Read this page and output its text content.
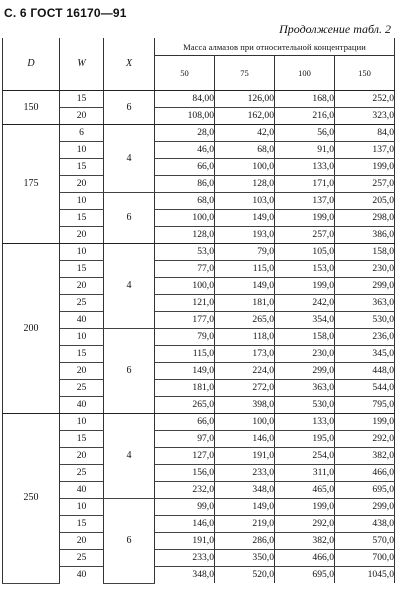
С. 6 ГОСТ 16170—91
Продолжение табл. 2
D	W	X	Масса алмазов при относительной концентрации			
			50	75	100	150
150	15	6	84,00	126,00	168,0	252,0
	20		108,00	162,00	216,0	323,0
175	6	4	28,0	42,0	56,0	84,0
	10		46,0	68,0	91,0	137,0
	15		66,0	100,0	133,0	199,0
	20		86,0	128,0	171,0	257,0
	10	6	68,0	103,0	137,0	205,0
	15		100,0	149,0	199,0	298,0
	20		128,0	193,0	257,0	386,0
200	10	4	53,0	79,0	105,0	158,0
	15		77,0	115,0	153,0	230,0
	20		100,0	149,0	199,0	299,0
	25		121,0	181,0	242,0	363,0
	40		177,0	265,0	354,0	530,0
	10	6	79,0	118,0	158,0	236,0
	15		115,0	173,0	230,0	345,0
	20		149,0	224,0	299,0	448,0
	25		181,0	272,0	363,0	544,0
	40		265,0	398,0	530,0	795,0
250	10	4	66,0	100,0	133,0	199,0
	15		97,0	146,0	195,0	292,0
	20		127,0	191,0	254,0	382,0
	25		156,0	233,0	311,0	466,0
	40		232,0	348,0	465,0	695,0
	10	6	99,0	149,0	199,0	299,0
	15		146,0	219,0	292,0	438,0
	20		191,0	286,0	382,0	570,0
	25		233,0	350,0	466,0	700,0
	40		348,0	520,0	695,0	1045,0
